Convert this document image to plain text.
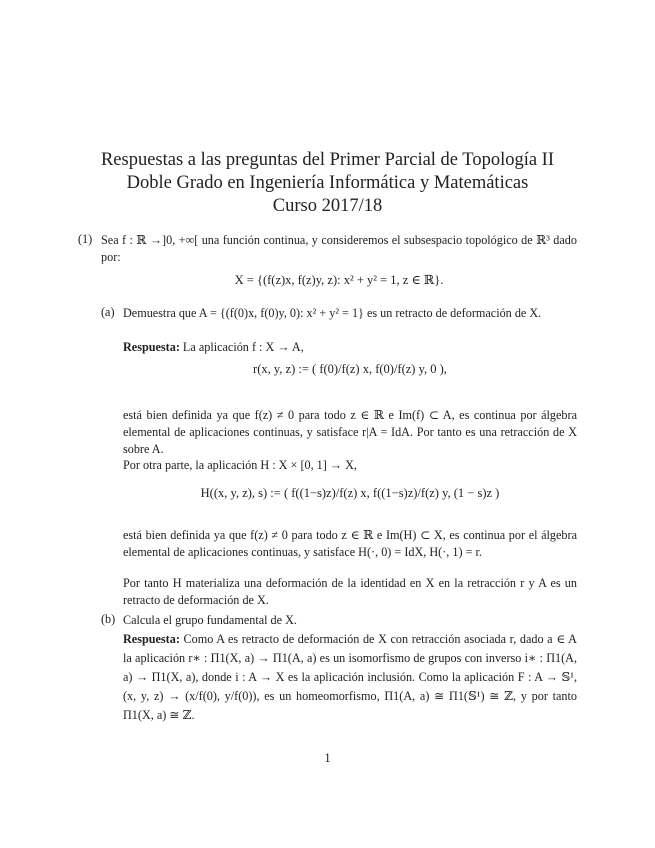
Respuestas a las preguntas del Primer Parcial de Topología II
Doble Grado en Ingeniería Informática y Matemáticas
Curso 2017/18
(1) Sea f : ℝ →]0, +∞[ una función continua, y consideremos el subsespacio topológico de ℝ³ dado por:
X = {(f(z)x, f(z)y, z): x² + y² = 1, z ∈ ℝ}.
(a) Demuestra que A = {(f(0)x, f(0)y, 0): x² + y² = 1} es un retracto de deformación de X.
Respuesta: La aplicación f : X → A,
r(x, y, z) := ( f(0)/f(z) x, f(0)/f(z) y, 0 ),
está bien definida ya que f(z) ≠ 0 para todo z ∈ ℝ e Im(f) ⊂ A, es continua por álgebra elemental de aplicaciones continuas, y satisface r|A = IdA. Por tanto es una retracción de X sobre A.
Por otra parte, la aplicación H : X × [0, 1] → X,
H((x, y, z), s) := ( f((1−s)z)/f(z) x, f((1−s)z)/f(z) y, (1 − s)z )
está bien definida ya que f(z) ≠ 0 para todo z ∈ ℝ e Im(H) ⊂ X, es continua por el álgebra elemental de aplicaciones continuas, y satisface H(·, 0) = IdX, H(·, 1) = r.
Por tanto H materializa una deformación de la identidad en X en la retracción r y A es un retracto de deformación de X.
(b) Calcula el grupo fundamental de X.
Respuesta: Como A es retracto de deformación de X con retracción asociada r, dado a ∈ A la aplicación r∗ : Π1(X, a) → Π1(A, a) es un isomorfismo de grupos con inverso i∗ : Π1(A, a) → Π1(X, a), donde i : A → X es la aplicación inclusión. Como la aplicación F : A → 𝕊¹, (x, y, z) → (x/f(0), y/f(0)), es un homeomorfismo, Π1(A, a) ≅ Π1(𝕊¹) ≅ ℤ, y por tanto Π1(X, a) ≅ ℤ.
1
